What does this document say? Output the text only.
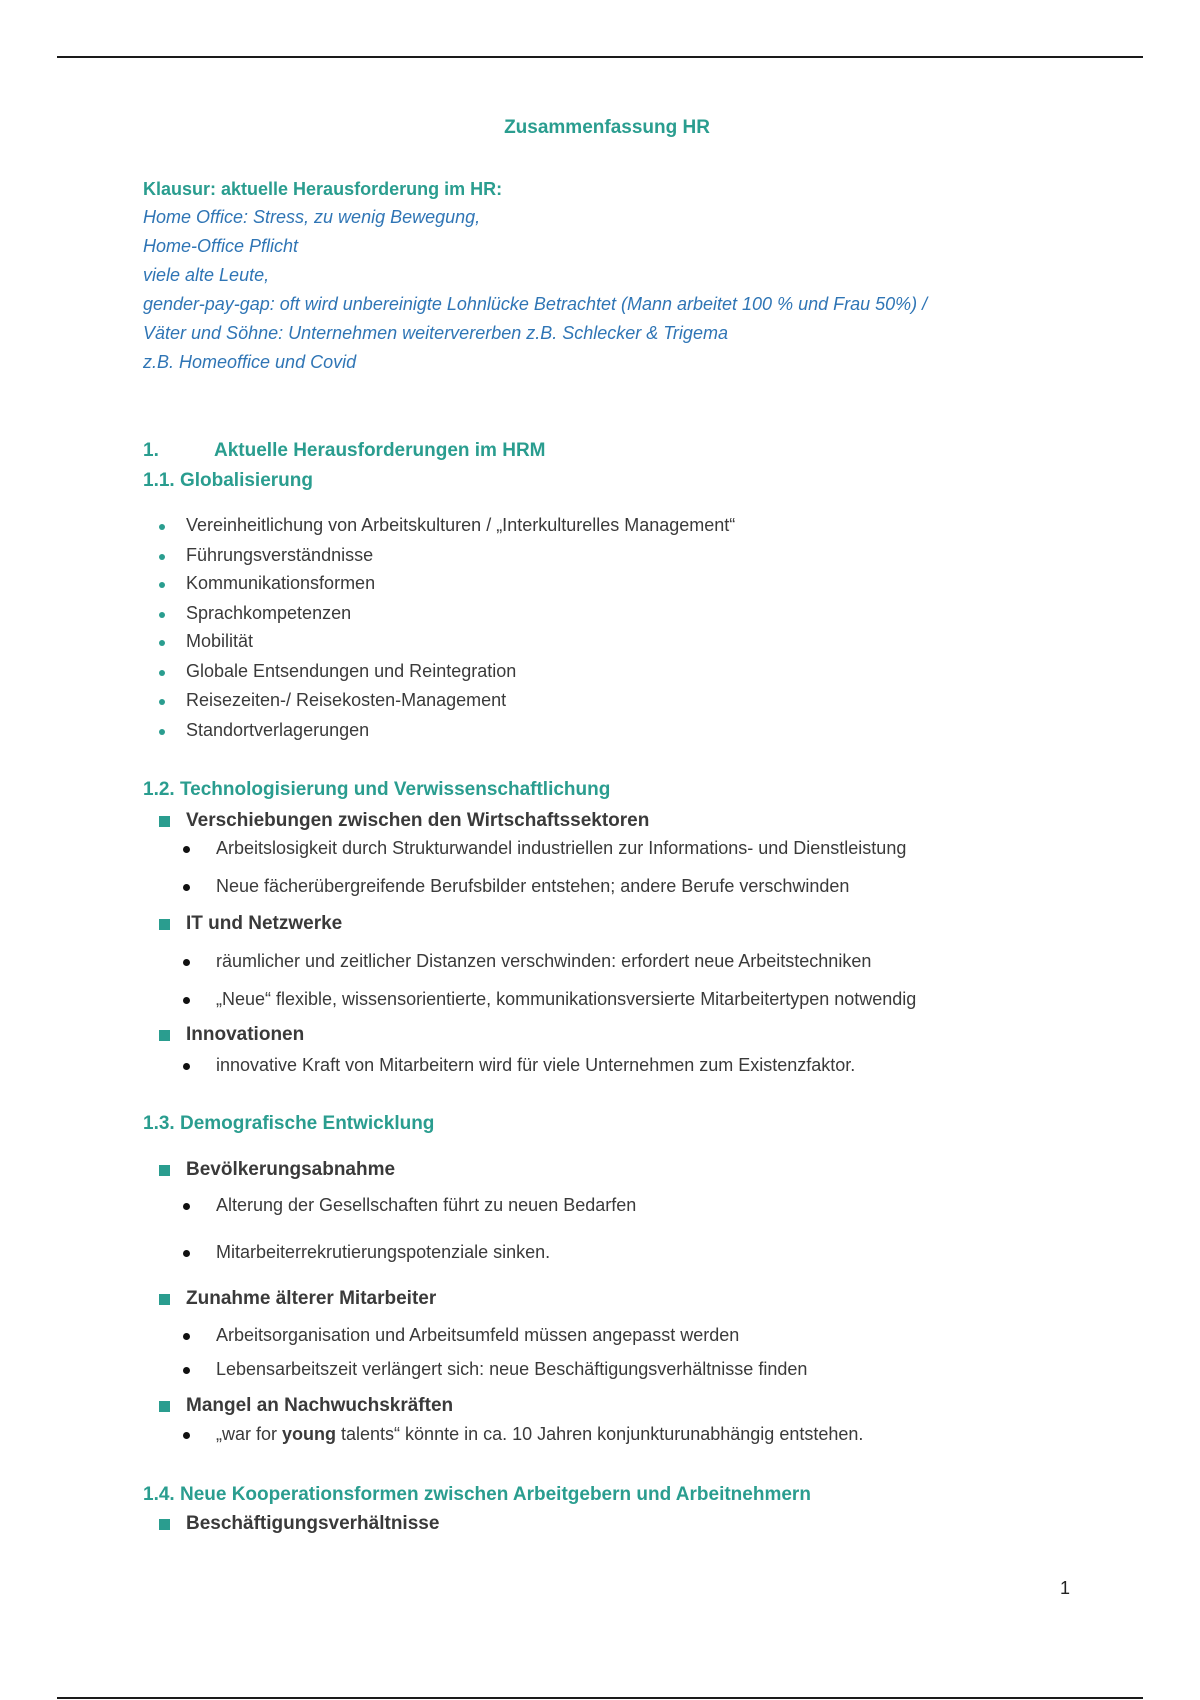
Zusammenfassung HR
Klausur: aktuelle Herausforderung im HR:
Home Office: Stress, zu wenig Bewegung,
Home-Office Pflicht
viele alte Leute,
gender-pay-gap: oft wird unbereinigte Lohnlücke Betrachtet (Mann arbeitet 100 % und Frau 50%) /
Väter und Söhne: Unternehmen weitervererben z.B. Schlecker & Trigema
z.B. Homeoffice und Covid
1.	Aktuelle Herausforderungen im HRM
1.1. Globalisierung
Vereinheitlichung von Arbeitskulturen / „Interkulturelles Management“
Führungsverständnisse
Kommunikationsformen
Sprachkompetenzen
Mobilität
Globale Entsendungen und Reintegration
Reisezeiten-/ Reisekosten-Management
Standortverlagerungen
1.2. Technologisierung und Verwissenschaftlichung
Verschiebungen zwischen den Wirtschaftssektoren
Arbeitslosigkeit durch Strukturwandel industriellen zur Informations- und Dienstleistung
Neue fächerübergreifende Berufsbilder entstehen; andere Berufe verschwinden
IT und Netzwerke
räumlicher und zeitlicher Distanzen verschwinden: erfordert neue Arbeitstechniken
„Neue“ flexible, wissensorientierte, kommunikationsversierte Mitarbeitertypen notwendig
Innovationen
innovative Kraft von Mitarbeitern wird für viele Unternehmen zum Existenzfaktor.
1.3. Demografische Entwicklung
Bevölkerungsabnahme
Alterung der Gesellschaften führt zu neuen Bedarfen
Mitarbeiterrekrutierungspotenziale sinken.
Zunahme älterer Mitarbeiter
Arbeitsorganisation und Arbeitsumfeld müssen angepasst werden
Lebensarbeitszeit verlängert sich: neue Beschäftigungsverhältnisse finden
Mangel an Nachwuchskräften
„war for young talents“ könnte in ca. 10 Jahren konjunkturunabhängig entstehen.
1.4. Neue Kooperationsformen zwischen Arbeitgebern und Arbeitnehmern
Beschäftigungsverhältnisse
1
